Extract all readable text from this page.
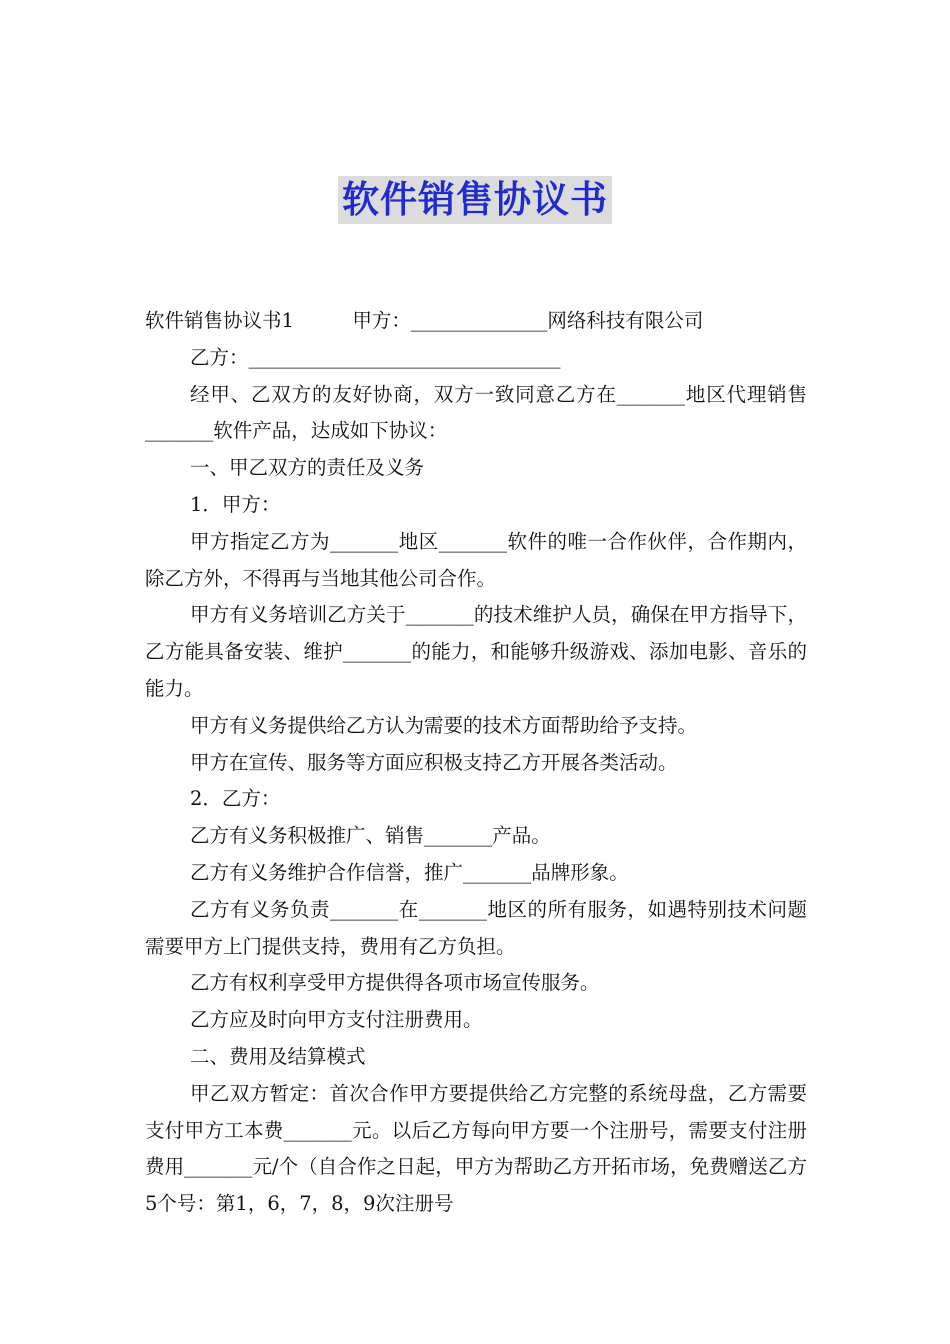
软件销售协议书

软件销售协议书1　　　甲方：______________网络科技有限公司

乙方：________________________________

经甲、乙双方的友好协商，双方一致同意乙方在_______地区代理销售_______软件产品，达成如下协议：

一、甲乙双方的责任及义务

1．甲方：

甲方指定乙方为_______地区_______软件的唯一合作伙伴，合作期内，除乙方外，不得再与当地其他公司合作。

甲方有义务培训乙方关于_______的技术维护人员，确保在甲方指导下，乙方能具备安装、维护_______的能力，和能够升级游戏、添加电影、音乐的能力。

甲方有义务提供给乙方认为需要的技术方面帮助给予支持。

甲方在宣传、服务等方面应积极支持乙方开展各类活动。

2．乙方：

乙方有义务积极推广、销售_______产品。

乙方有义务维护合作信誉，推广_______品牌形象。

乙方有义务负责_______在_______地区的所有服务，如遇特别技术问题需要甲方上门提供支持，费用有乙方负担。

乙方有权利享受甲方提供得各项市场宣传服务。

乙方应及时向甲方支付注册费用。

二、费用及结算模式

甲乙双方暂定：首次合作甲方要提供给乙方完整的系统母盘，乙方需要支付甲方工本费_______元。以后乙方每向甲方要一个注册号，需要支付注册费用_______元/个（自合作之日起，甲方为帮助乙方开拓市场，免费赠送乙方5个号：第1，6，7，8，9次注册号
